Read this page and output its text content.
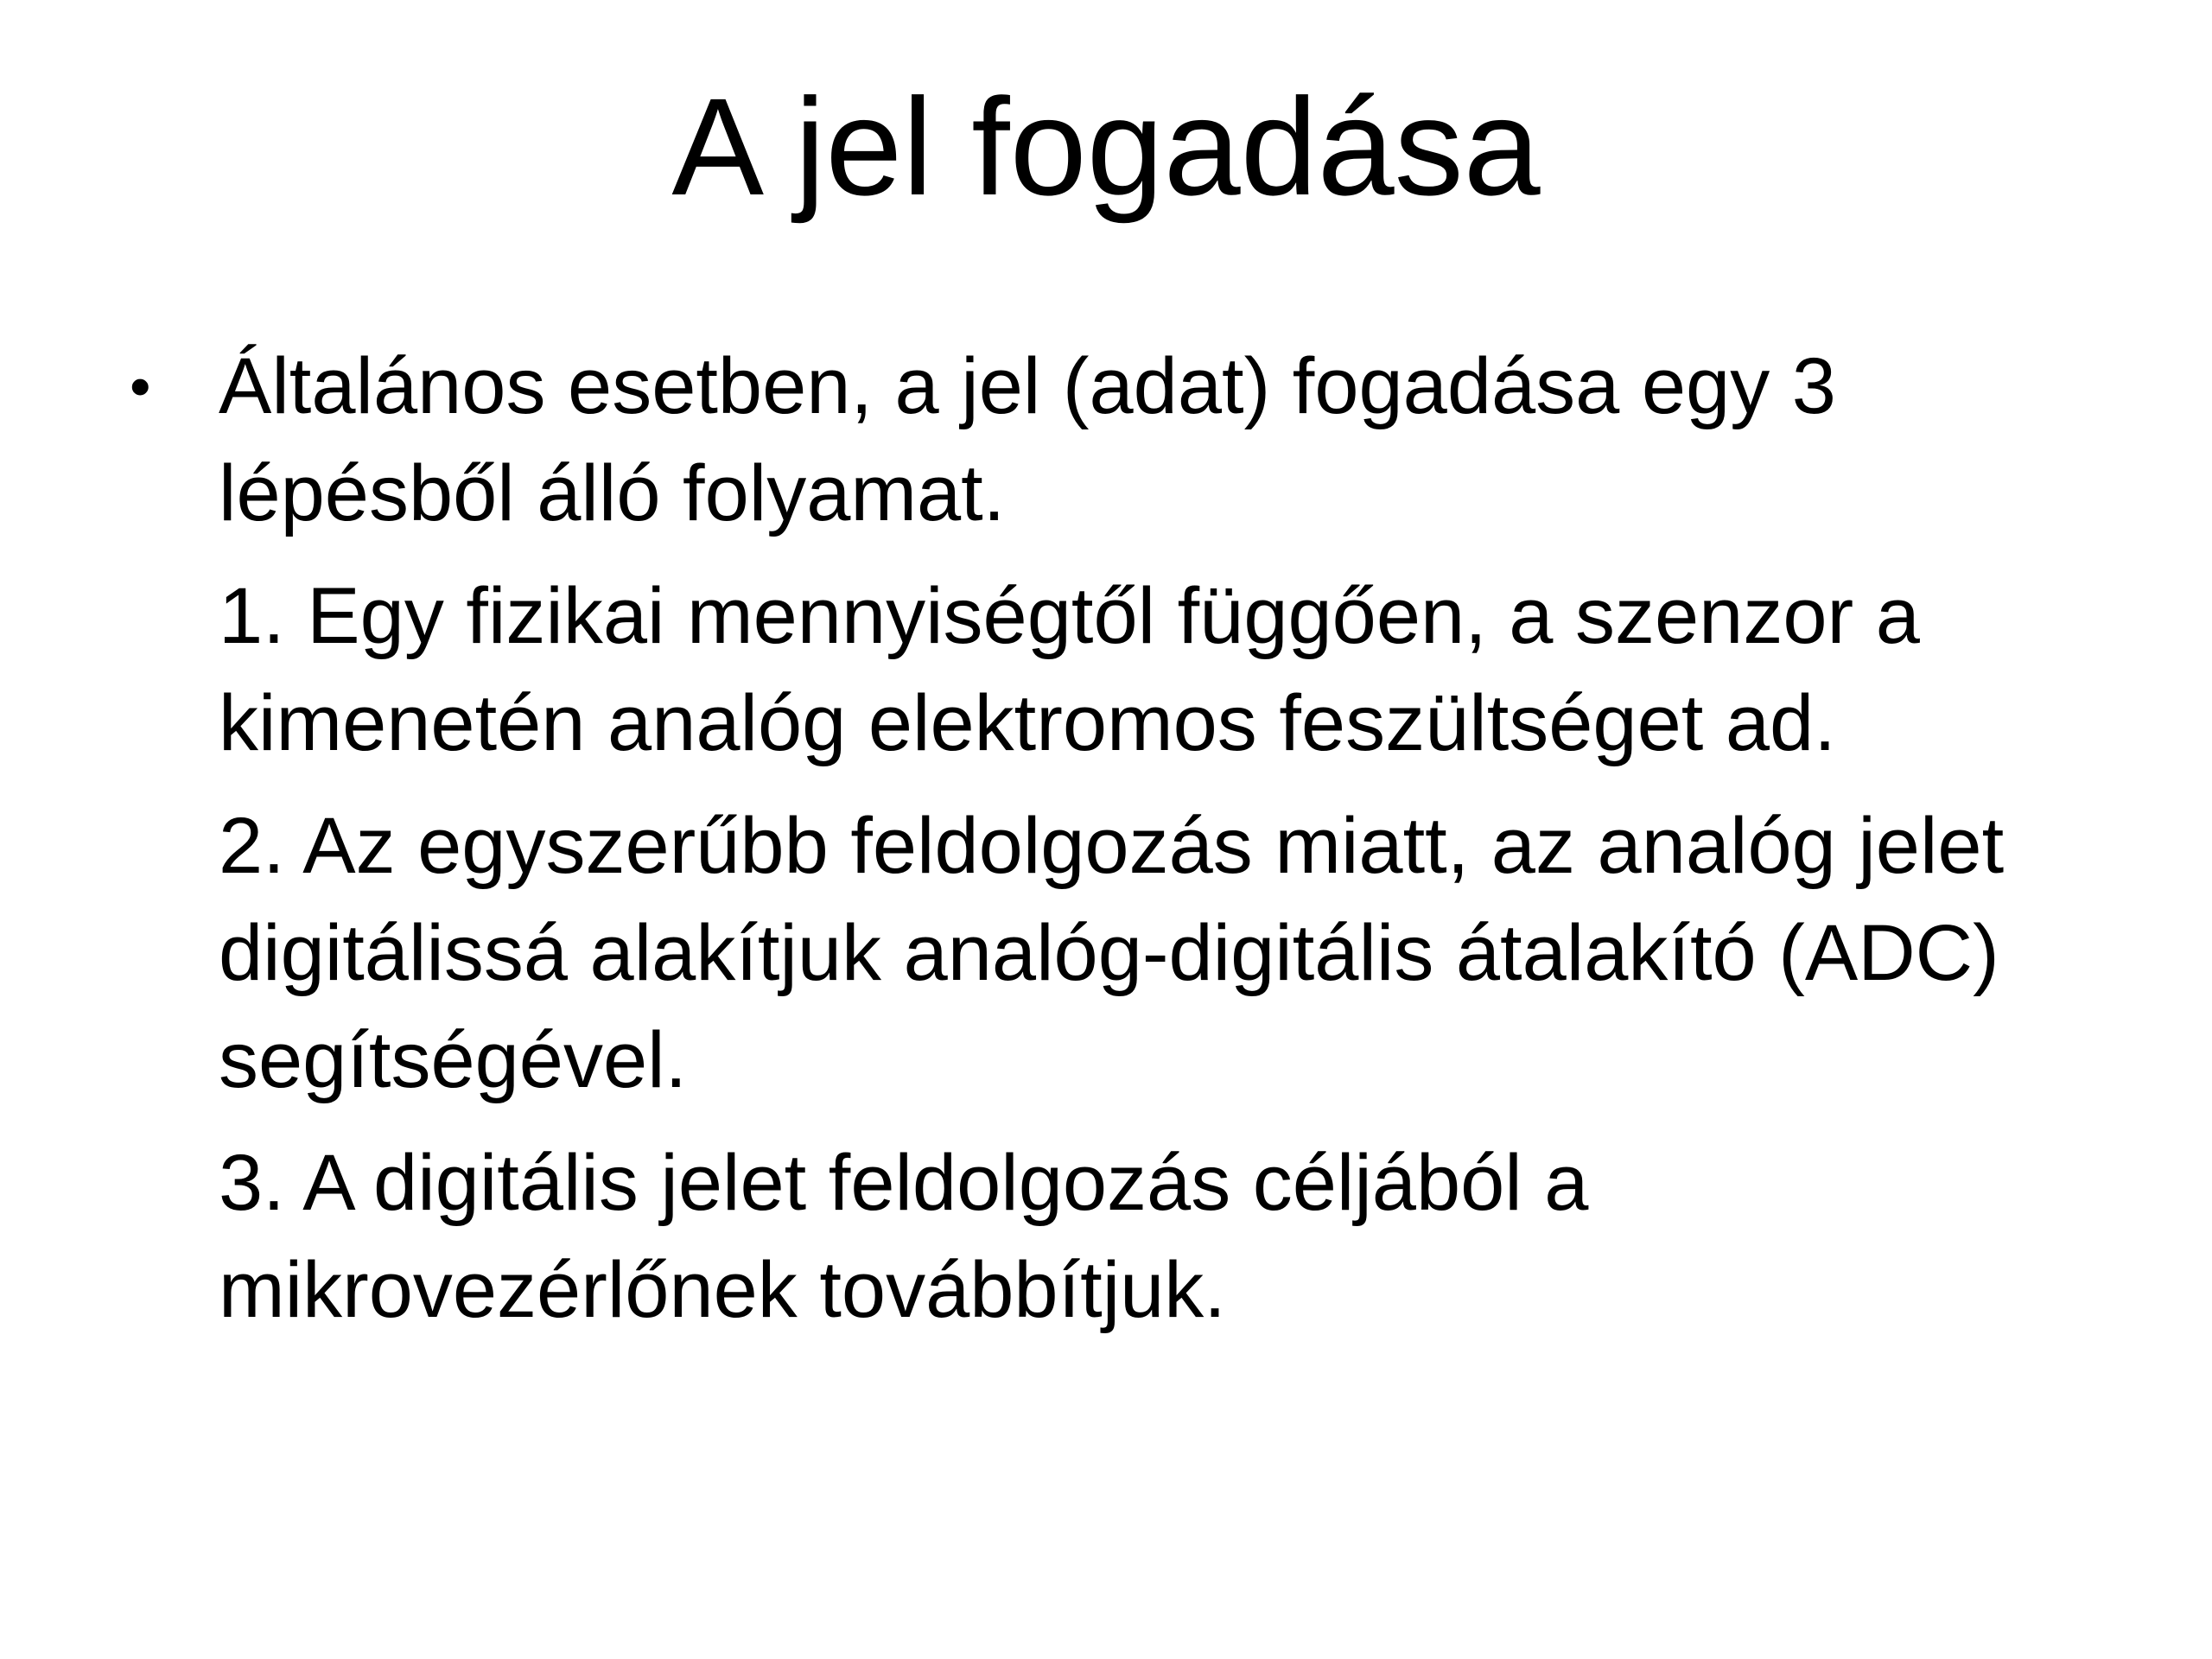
A jel fogadása

• Általános esetben, a jel (adat) fogadása egy 3 lépésből álló folyamat.

1. Egy fizikai mennyiségtől függően, a szenzor a kimenetén analóg elektromos feszültséget ad.

2. Az egyszerűbb feldolgozás miatt, az analóg jelet digitálissá alakítjuk analóg-digitális átalakító (ADC) segítségével.

3. A digitális jelet feldolgozás céljából a mikrovezérlőnek továbbítjuk.
